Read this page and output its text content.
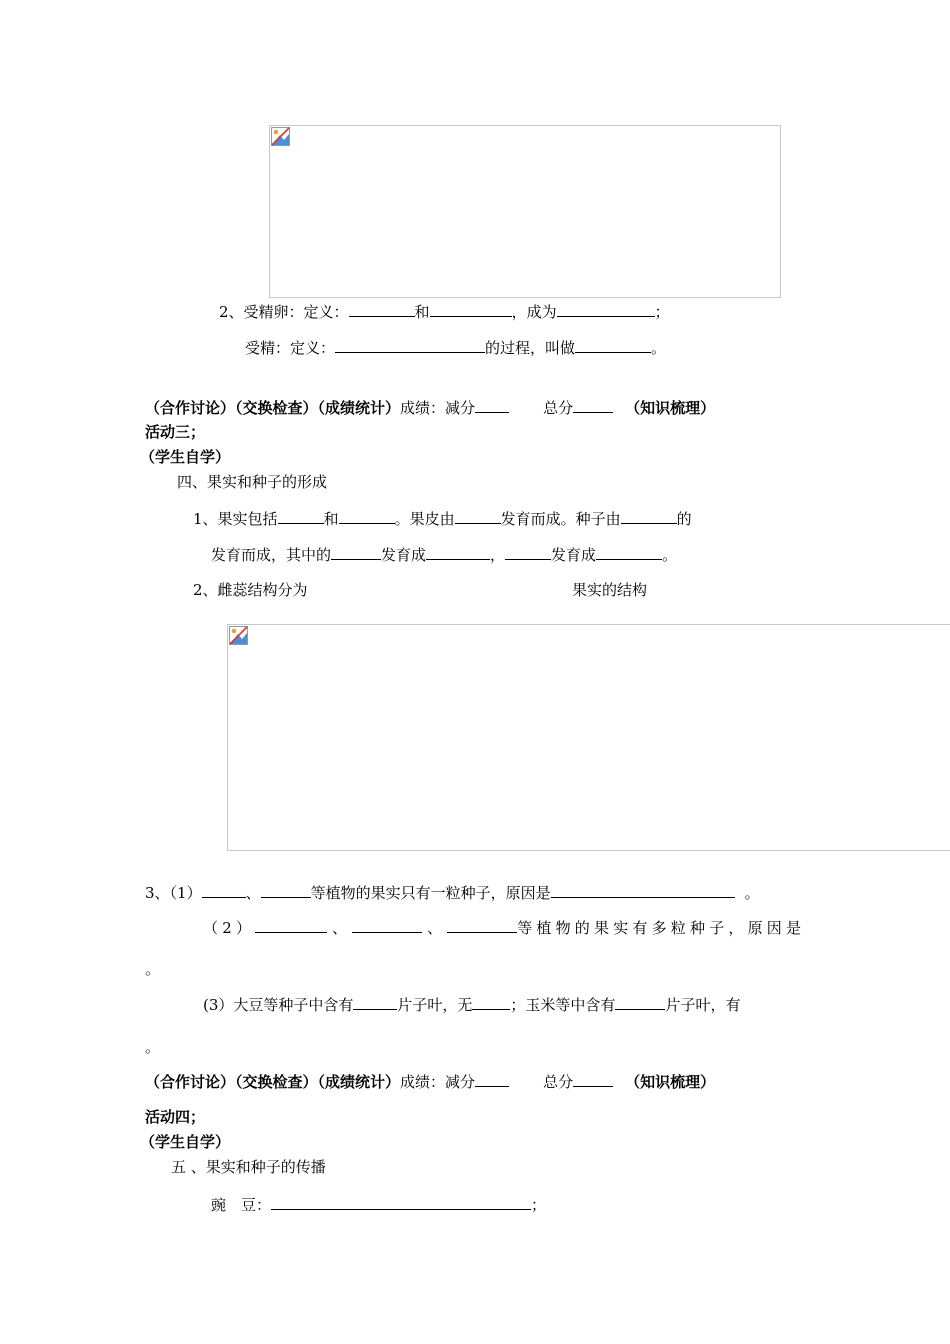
2、受精卵：定义：	和	，成为	；
受精：定义：	的过程，叫做	。
（合作讨论）（交换检查）（成绩统计）成绩：减分	总分	（知识梳理）
活动三；
（学生自学）
四、果实和种子的形成
1、果实包括	和	。果皮由	发育而成。种子由	的
发育而成，其中的	发育成	，	发育成	。
2、雌蕊结构分为	果实的结构
3、（1）	、	等植物的果实只有一粒种子，原因是	。
（2）	、	、	等植物的果实有多粒种子，原因是
。
(3）大豆等种子中含有	片子叶，无	；玉米等中含有	片子叶，有
。
（合作讨论）（交换检查）（成绩统计）成绩：减分	总分	（知识梳理）
活动四；
（学生自学）
五 、果实和种子的传播
豌　豆：	；
